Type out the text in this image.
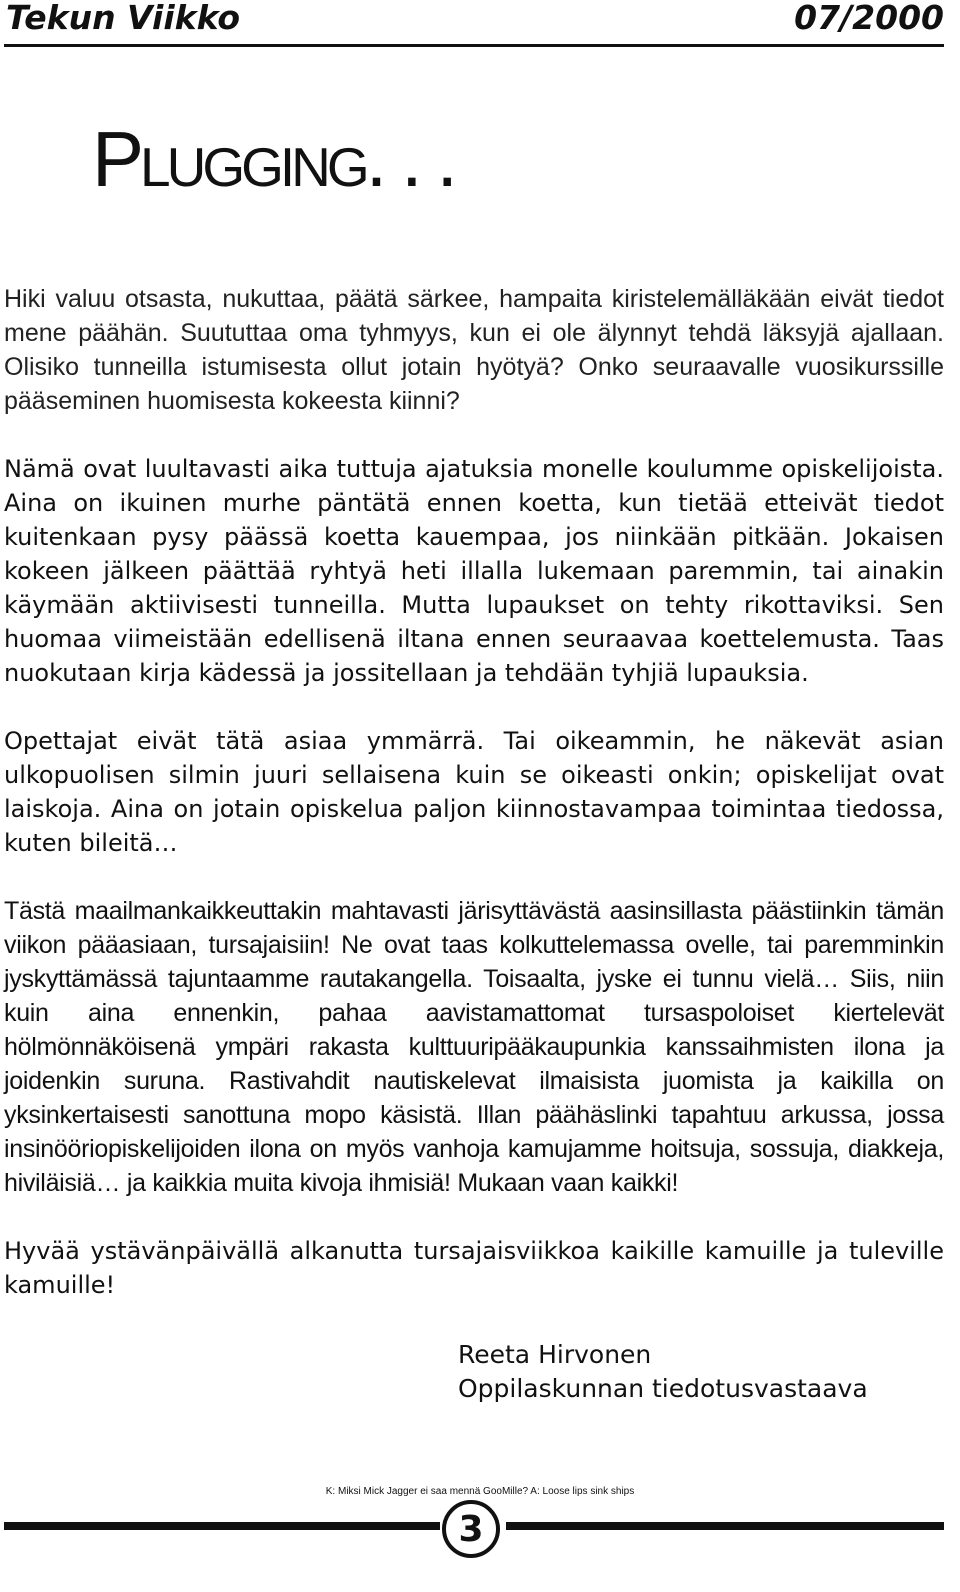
Tekun Viikko	07/2000
Plugging. . .

Hiki valuu otsasta, nukuttaa, päätä särkee, hampaita kiristelemälläkään eivät tiedot mene päähän. Suututtaa oma tyhmyys, kun ei ole älynnyt tehdä läksyjä ajallaan. Olisiko tunneilla istumisesta ollut jotain hyötyä? Onko seuraavalle vuosikurssille pääseminen huomisesta kokeesta kiinni?

Nämä ovat luultavasti aika tuttuja ajatuksia monelle koulumme opiskelijoista. Aina on ikuinen murhe päntätä ennen koetta, kun tietää etteivät tiedot kuitenkaan pysy päässä koetta kauempaa, jos niinkään pitkään. Jokaisen kokeen jälkeen päättää ryhtyä heti illalla lukemaan paremmin, tai ainakin käymään aktiivisesti tunneilla. Mutta lupaukset on tehty rikottaviksi. Sen huomaa viimeistään edellisenä iltana ennen seuraavaa koettelemusta. Taas nuokutaan kirja kädessä ja jossitellaan ja tehdään tyhjiä lupauksia.

Opettajat eivät tätä asiaa ymmärrä. Tai oikeammin, he näkevät asian ulkopuolisen silmin juuri sellaisena kuin se oikeasti onkin; opiskelijat ovat laiskoja. Aina on jotain opiskelua paljon kiinnostavampaa toimintaa tiedossa, kuten bileitä…

Tästä maailmankaikkeuttakin mahtavasti järisyttävästä aasinsillasta päästiinkin tämän viikon pääasiaan, tursajaisiin! Ne ovat taas kolkuttelemassa ovelle, tai paremminkin jyskyttämässä tajuntaamme rautakangella. Toisaalta, jyske ei tunnu vielä… Siis, niin kuin aina ennenkin, pahaa aavistamattomat tursaspoloiset kiertelevät hölmönnäköisenä ympäri rakasta kulttuuripääkaupunkia kanssaihmisten ilona ja joidenkin suruna. Rastivahdit nautiskelevat ilmaisista juomista ja kaikilla on yksinkertaisesti sanottuna mopo käsistä. Illan päähäslinki tapahtuu arkussa, jossa insinööriopiskelijoiden ilona on myös vanhoja kamujamme hoitsuja, sossuja, diakkeja, hiviläisiä… ja kaikkia muita kivoja ihmisiä! Mukaan vaan kaikki!

Hyvää ystävänpäivällä alkanutta tursajaisviikkoa kaikille kamuille ja tuleville kamuille!

Reeta Hirvonen
Oppilaskunnan tiedotusvastaava
K: Miksi Mick Jagger ei saa mennä GooMille? A: Loose lips sink ships
3
